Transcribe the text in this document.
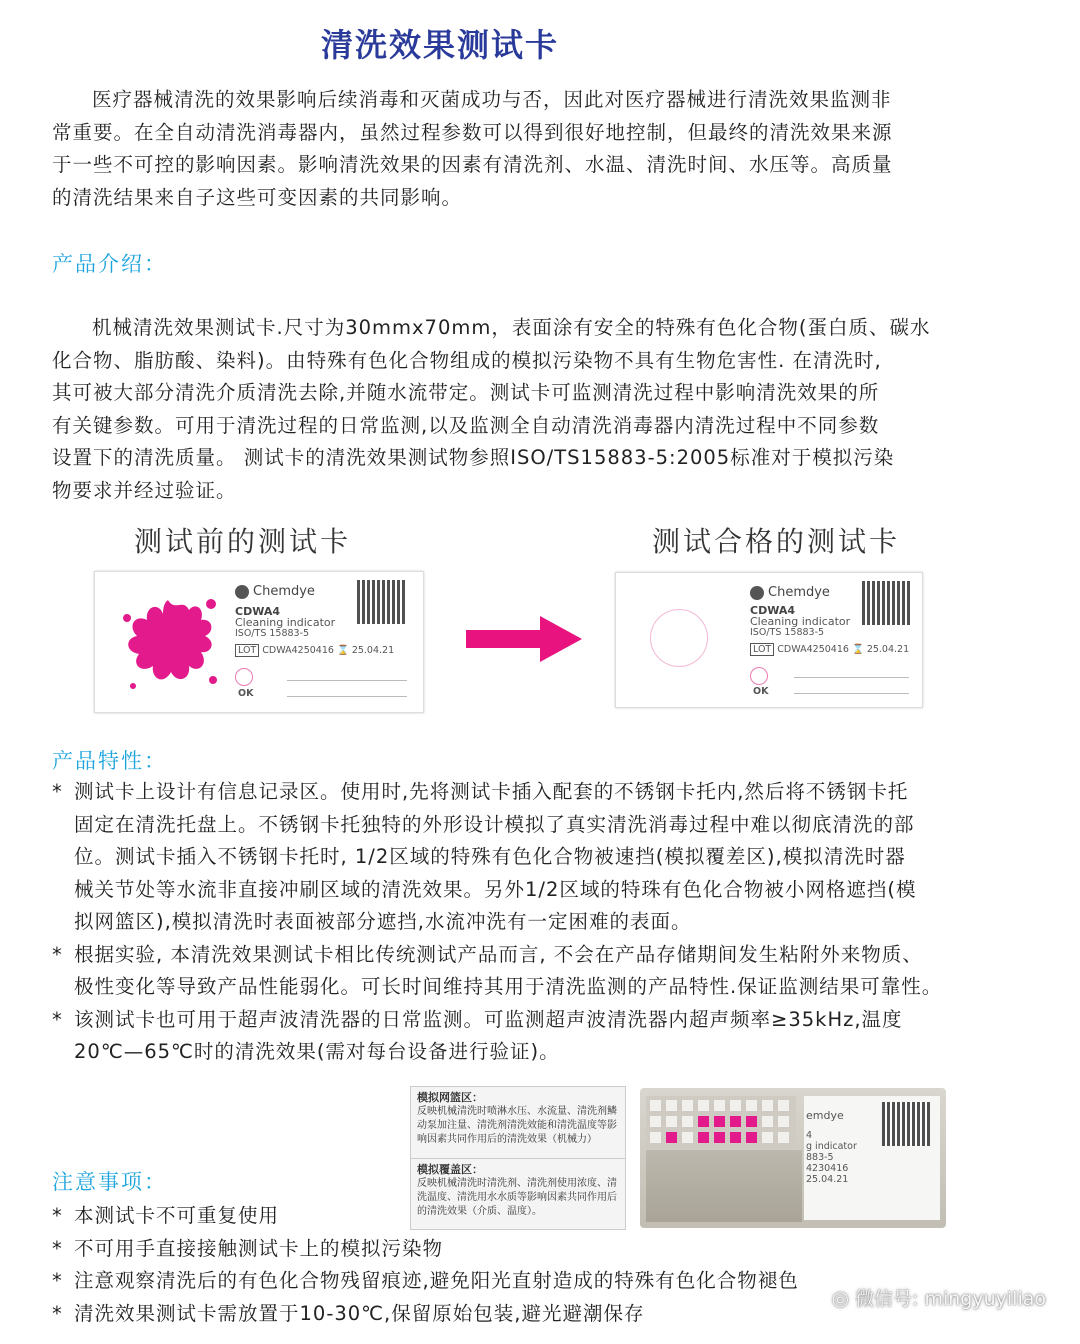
清洗效果测试卡

医疗器械清洗的效果影响后续消毒和灭菌成功与否，因此对医疗器械进行清洗效果监测非

常重要。在全自动清洗消毒器内，虽然过程参数可以得到很好地控制，但最终的清洗效果来源

于一些不可控的影响因素。影响清洗效果的因素有清洗剂、水温、清洗时间、水压等。高质量

的清洗结果来自子这些可变因素的共同影响。

产品介绍：

机械清洗效果测试卡.尺寸为30mmx70mm，表面涂有安全的特殊有色化合物(蛋白质、碳水

化合物、脂肪酸、染料)。由特殊有色化合物组成的模拟污染物不具有生物危害性. 在清洗时,

其可被大部分清洗介质清洗去除,并随水流带定。测试卡可监测清洗过程中影响清洗效果的所

有关键参数。可用于清洗过程的日常监测,以及监测全自动清洗消毒器内清洗过程中不同参数

设置下的清洗质量。 测试卡的清洗效果测试物参照ISO/TS15883-5:2005标准对于模拟污染

物要求并经过验证。

测试前的测试卡	测试合格的测试卡
Chemdye
CDWA4
Cleaning indicator
ISO/TS 15883-5
LOT CDWA4250416 ⌛ 25.04.21
OK
Chemdye
CDWA4
Cleaning indicator
ISO/TS 15883-5
LOT CDWA4250416 ⌛ 25.04.21
OK
产品特性：
* 测试卡上设计有信息记录区。使用时,先将测试卡插入配套的不锈钢卡托内,然后将不锈钢卡托
固定在清洗托盘上。不锈钢卡托独特的外形设计模拟了真实清洗消毒过程中难以彻底清洗的部
位。测试卡插入不锈钢卡托时, 1/2区域的特殊有色化合物被速挡(模拟覆差区),模拟清洗时器
械关节处等水流非直接冲刷区域的清洗效果。另外1/2区域的特珠有色化合物被小网格遮挡(模
拟网篮区),模拟清洗时表面被部分遮挡,水流冲洗有一定困难的表面。
* 根据实验, 本清洗效果测试卡相比传统测试产品而言, 不会在产品存储期间发生粘附外来物质、
极性变化等导致产品性能弱化。可长时间维持其用于清洗监测的产品特性.保证监测结果可靠性。
* 该测试卡也可用于超声波清洗器的日常监测。可监测超声波清洗器内超声频率≥35kHz,温度
20℃—65℃时的清洗效果(需对每台设备进行验证)。
模拟网篮区：
反映机械清洗时喷淋水压、水流量、清洗剂鳞动泵加注量、清洗剂清洗效能和清洗温度等影响因素共同作用后的清洗效果（机械力）
模拟覆盖区：
反映机械清洗时清洗剂、清洗剂使用浓度、清洗温度、清洗用水水质等影响因素共同作用后的清洗效果（介质、温度）。
emdye
4
g indicator
883-5
4230416
25.04.21
注意事项：
* 本测试卡不可重复使用
* 不可用手直接接触测试卡上的模拟污染物
* 注意观察清洗后的有色化合物残留痕迹,避免阳光直射造成的特殊有色化合物褪色
* 清洗效果测试卡需放置于10-30℃,保留原始包装,避光避潮保存
◎ 微信号: mingyuyiliao
